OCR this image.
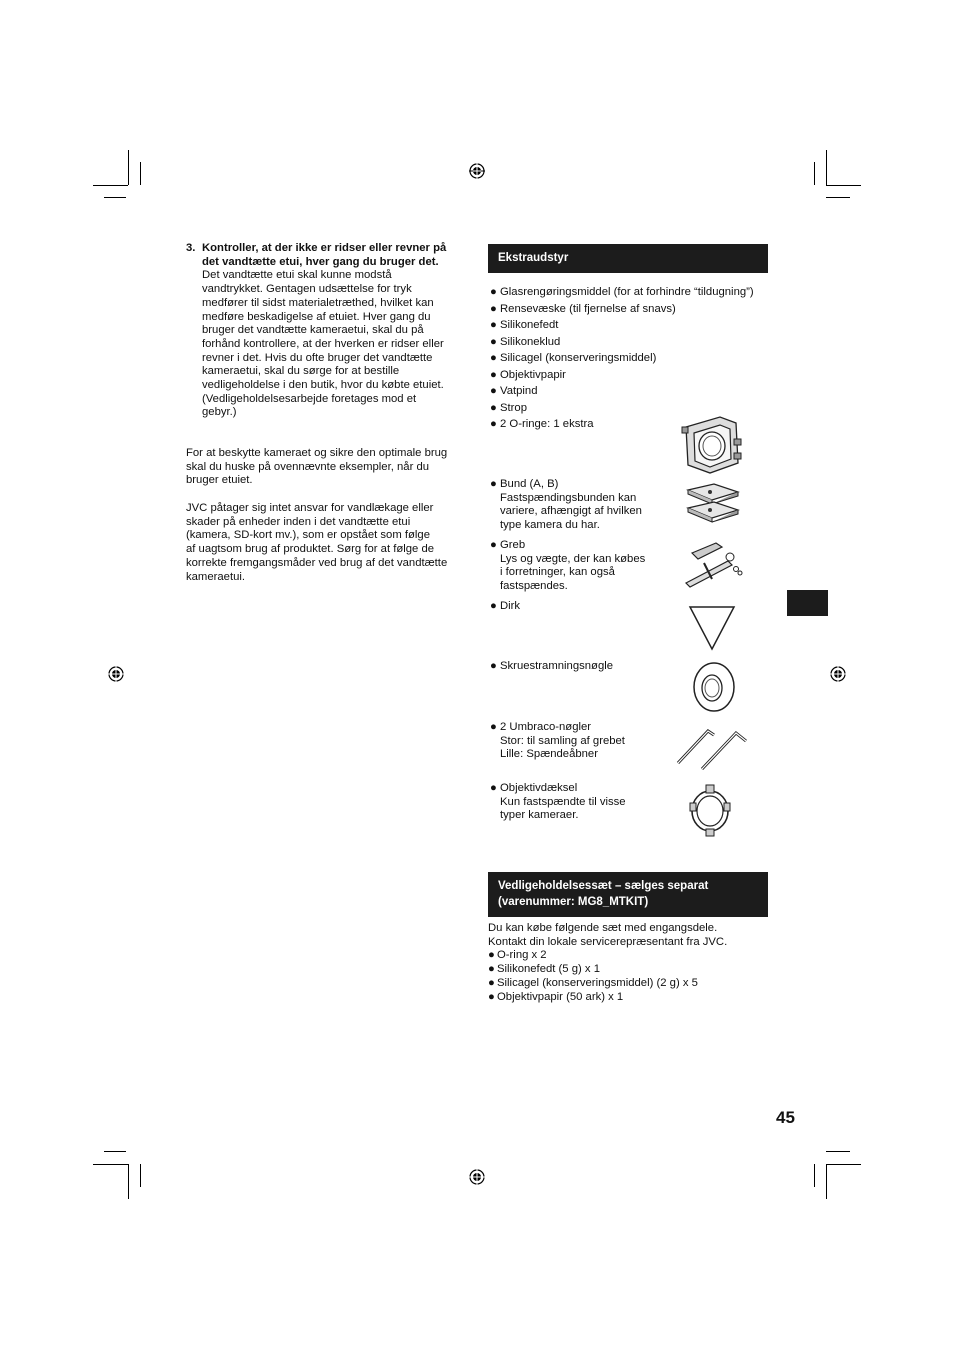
3. Kontroller, at der ikke er ridser eller revner på
det vandtætte etui, hver gang du bruger det.
Det vandtætte etui skal kunne modstå
vandtrykket. Gentagen udsættelse for tryk
medfører til sidst materialetræthed, hvilket kan
medføre beskadigelse af etuiet. Hver gang du
bruger det vandtætte kameraetui, skal du på
forhånd kontrollere, at der hverken er ridser eller
revner i det. Hvis du ofte bruger det vandtætte
kameraetui, skal du sørge for at bestille
vedligeholdelse i den butik, hvor du købte etuiet.
(Vedligeholdelsesarbejde foretages mod et
gebyr.)
For at beskytte kameraet og sikre den optimale brug
skal du huske på ovennævnte eksempler, når du
bruger etuiet.
JVC påtager sig intet ansvar for vandlækage eller
skader på enheder inden i det vandtætte etui
(kamera, SD-kort mv.), som er opstået som følge
af uagtsom brug af produktet. Sørg for at følge de
korrekte fremgangsmåder ved brug af det vandtætte
kameraetui.
Ekstraudstyr
● Glasrengøringsmiddel (for at forhindre “tildugning”)
● Rensevæske (til fjernelse af snavs)
● Silikonefedt
● Silikoneklud
● Silicagel (konserveringsmiddel)
● Objektivpapir
● Vatpind
● Strop
● 2 O-ringe: 1 ekstra
● Bund (A, B)
Fastspændingsbunden kan
variere, afhængigt af hvilken
type kamera du har.
● Greb
Lys og vægte, der kan købes
i forretninger, kan også
fastspændes.
● Dirk
● Skruestramningsnøgle
● 2 Umbraco-nøgler
Stor: til samling af grebet
Lille: Spændeåbner
● Objektivdæksel
Kun fastspændte til visse
typer kameraer.
Vedligeholdelsessæt – sælges separat
(varenummer: MG8_MTKIT)
Du kan købe følgende sæt med engangsdele.
Kontakt din lokale servicerepræsentant fra JVC.
● O-ring x 2
● Silikonefedt (5 g) x 1
● Silicagel (konserveringsmiddel) (2 g) x 5
● Objektivpapir (50 ark) x 1
45
